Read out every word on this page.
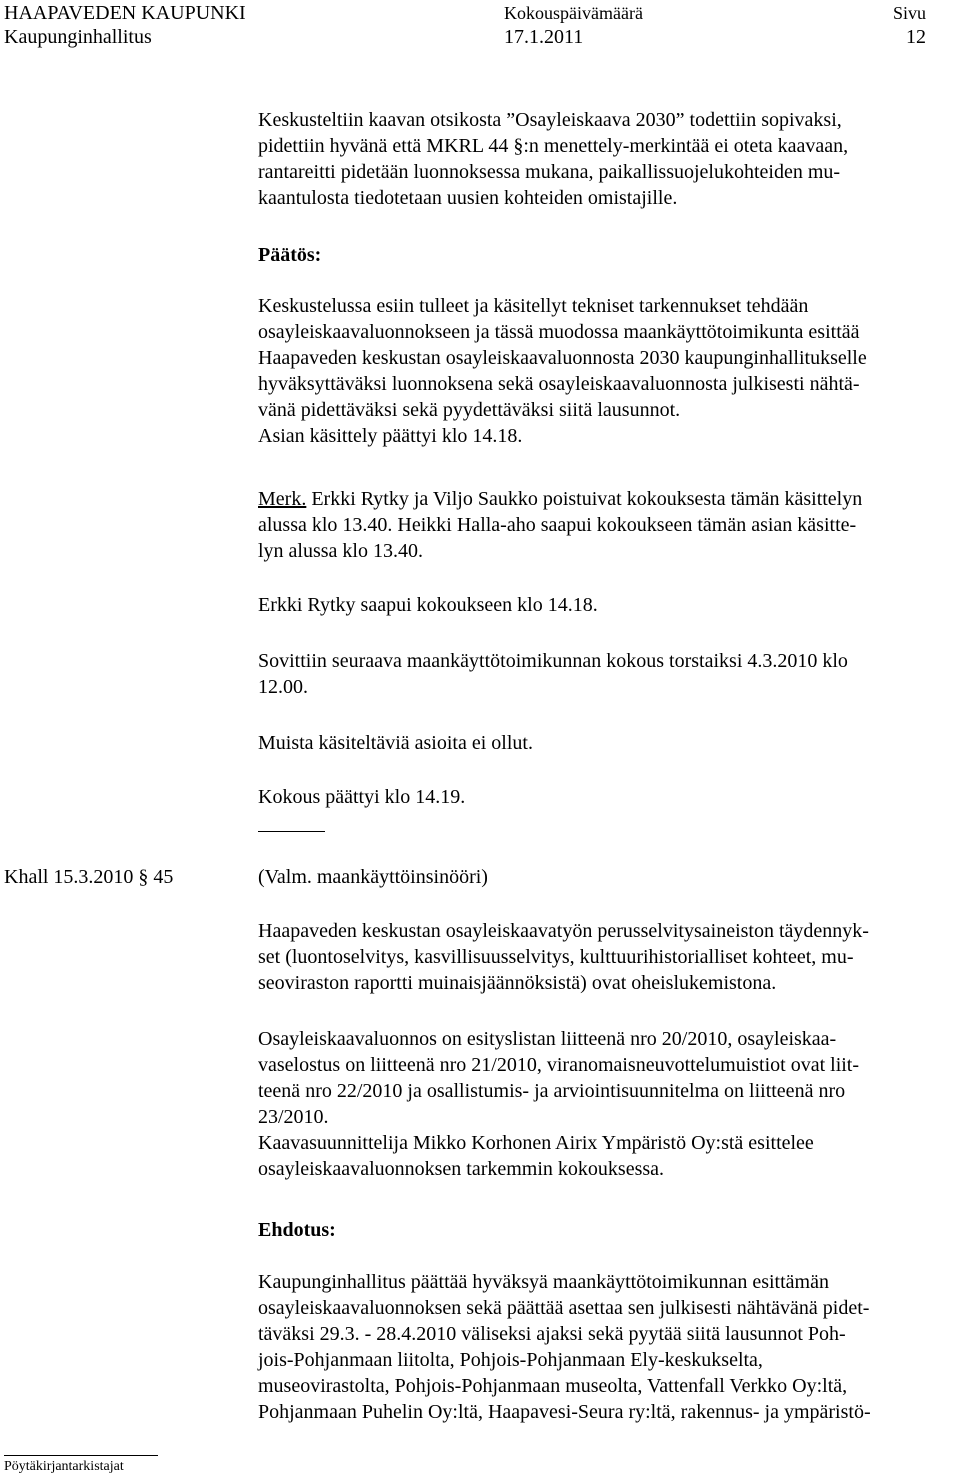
HAAPAVEDEN KAUPUNKI
Kaupunginhallitus
Kokouspäivämäärä
17.1.2011
Sivu
12
Keskusteltiin kaavan otsikosta ”Osayleiskaava 2030” todettiin sopivaksi,
pidettiin hyvänä että MKRL 44 §:n menettely-merkintää ei oteta kaavaan,
rantareitti pidetään luonnoksessa mukana, paikallissuojelukohteiden mu-
kaantulosta tiedotetaan uusien kohteiden omistajille.
Päätös:
Keskustelussa esiin tulleet ja käsitellyt tekniset tarkennukset tehdään
osayleiskaavaluonnokseen ja tässä muodossa maankäyttötoimikunta esittää
Haapaveden keskustan osayleiskaavaluonnosta 2030 kaupunginhallitukselle
hyväksyttäväksi luonnoksena sekä osayleiskaavaluonnosta julkisesti nähtä-
vänä pidettäväksi sekä pyydettäväksi siitä lausunnot.
Asian käsittely päättyi klo 14.18.
Merk. Erkki Rytky ja Viljo Saukko poistuivat kokouksesta tämän käsittelyn
alussa klo 13.40. Heikki Halla-aho saapui kokoukseen tämän asian käsitte-
lyn alussa klo 13.40.
Erkki Rytky saapui kokoukseen klo 14.18.
Sovittiin seuraava maankäyttötoimikunnan kokous torstaiksi 4.3.2010 klo
12.00.
Muista käsiteltäviä asioita ei ollut.
Kokous päättyi klo 14.19.
Khall 15.3.2010 § 45	(Valm. maankäyttöinsinööri)
Haapaveden keskustan osayleiskaavatyön perusselvitysaineiston täydennyk-
set (luontoselvitys, kasvillisuusselvitys, kulttuurihistorialliset kohteet, mu-
seoviraston raportti muinaisjäännöksistä) ovat oheislukemistona.
Osayleiskaavaluonnos on esityslistan liitteenä nro 20/2010, osayleiskaa-
vaselostus on liitteenä nro 21/2010, viranomaisneuvottelumuistiot ovat liit-
teenä nro 22/2010 ja osallistumis- ja arviointisuunnitelma on liitteenä nro
23/2010.
Kaavasuunnittelija Mikko Korhonen Airix Ympäristö Oy:stä esittelee
osayleiskaavaluonnoksen tarkemmin kokouksessa.
Ehdotus:
Kaupunginhallitus päättää hyväksyä maankäyttötoimikunnan esittämän
osayleiskaavaluonnoksen sekä päättää asettaa sen julkisesti nähtävänä pidet-
täväksi 29.3. - 28.4.2010 väliseksi ajaksi sekä pyytää siitä lausunnot Poh-
jois-Pohjanmaan liitolta, Pohjois-Pohjanmaan Ely-keskukselta,
museovirastolta, Pohjois-Pohjanmaan museolta, Vattenfall Verkko Oy:ltä,
Pohjanmaan Puhelin Oy:ltä, Haapavesi-Seura ry:ltä, rakennus- ja ympäristö-
Pöytäkirjantarkistajat
